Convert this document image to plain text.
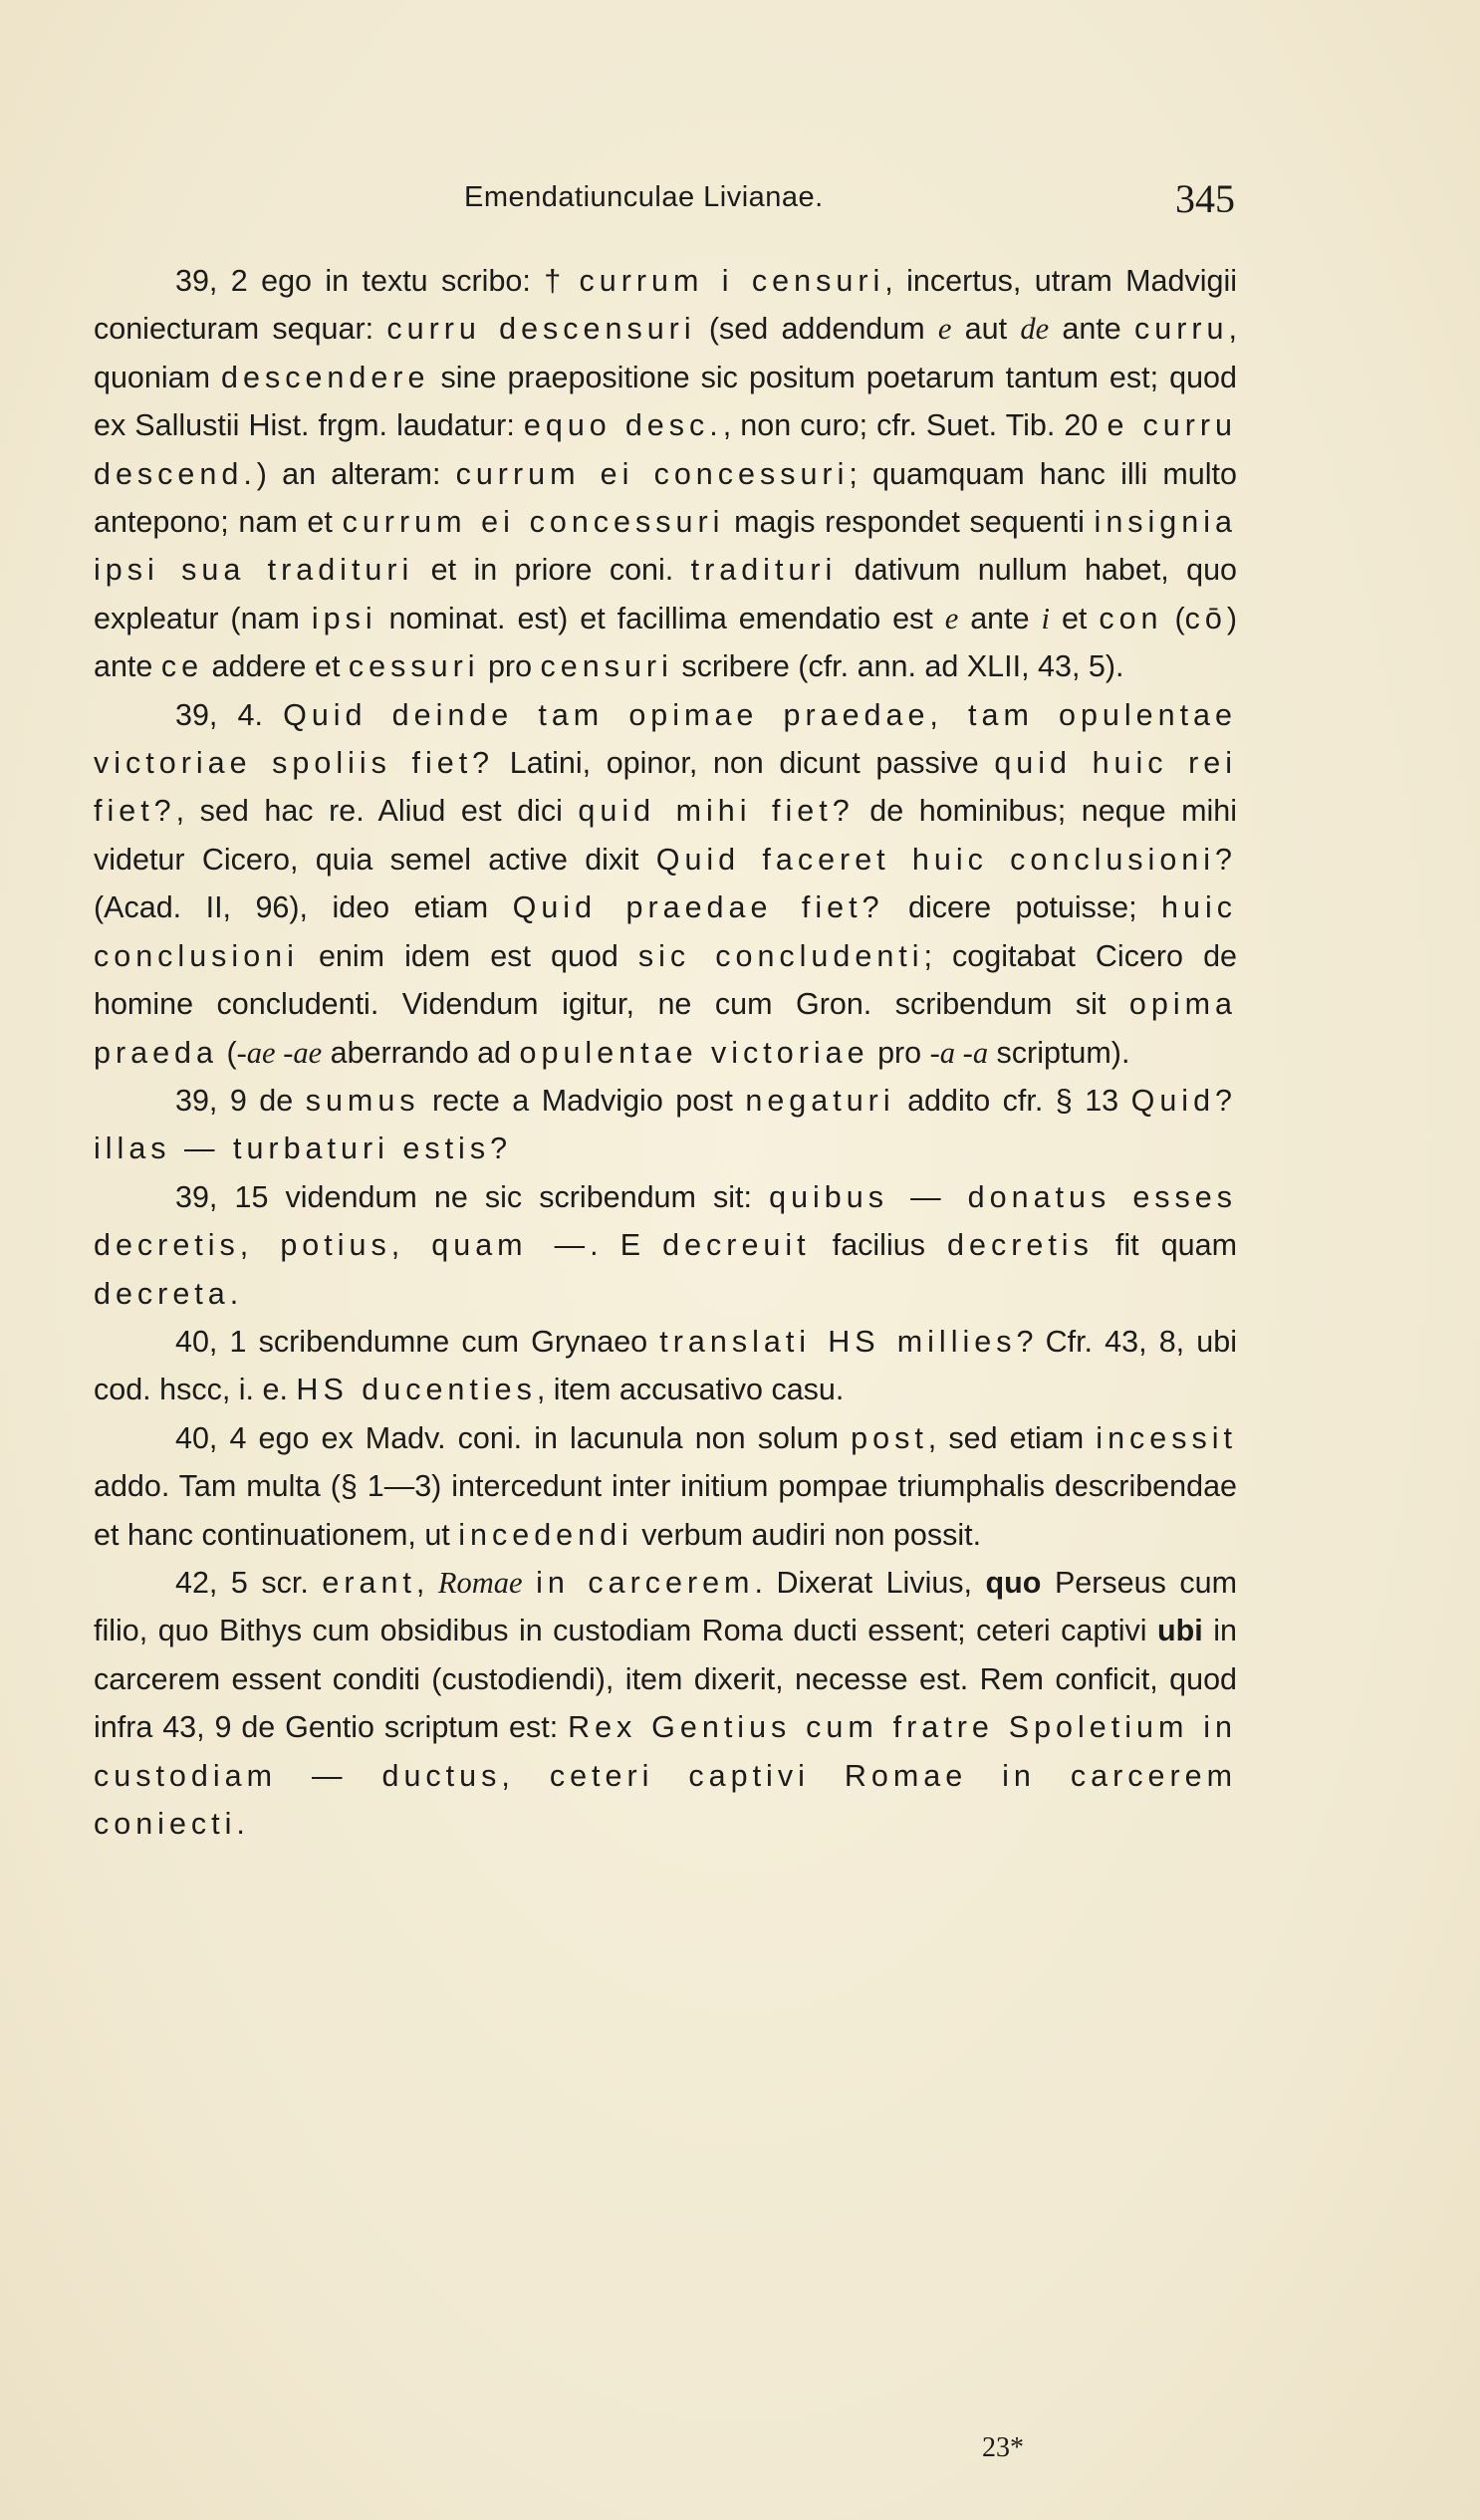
Emendatiunculae Livianae.	345

39, 2 ego in textu scribo: † currum i censuri, incertus, utram Madvigii coniecturam sequar: curru descensuri (sed addendum e aut de ante curru, quoniam descendere sine praepositione sic positum poetarum tantum est; quod ex Sallustii Hist. frgm. laudatur: equo desc., non curo; cfr. Suet. Tib. 20 e curru descend.) an alteram: currum ei concessuri; quamquam hanc illi multo antepono; nam et currum ei concessuri magis respondet sequenti insignia ipsi sua tradituri et in priore coni. tradituri dativum nullum habet, quo expleatur (nam ipsi nominat. est) et facillima emendatio est e ante i et con (cō) ante ce addere et cessuri pro censuri scribere (cfr. ann. ad XLII, 43, 5).

39, 4. Quid deinde tam opimae praedae, tam opulentae victoriae spoliis fiet? Latini, opinor, non dicunt passive quid huic rei fiet?, sed hac re. Aliud est dici quid mihi fiet? de hominibus; neque mihi videtur Cicero, quia semel active dixit Quid faceret huic conclusioni? (Acad. II, 96), ideo etiam Quid praedae fiet? dicere potuisse; huic conclusioni enim idem est quod sic concludenti; cogitabat Cicero de homine concludenti. Videndum igitur, ne cum Gron. scribendum sit opima praeda (-ae -ae aberrando ad opulentae victoriae pro -a -a scriptum).

39, 9 de sumus recte a Madvigio post negaturi addito cfr. § 13 Quid? illas — turbaturi estis?

39, 15 videndum ne sic scribendum sit: quibus — donatus esses decretis, potius, quam —. E decreuit facilius decretis fit quam decreta.

40, 1 scribendumne cum Grynaeo translati HS millies? Cfr. 43, 8, ubi cod. hscc, i. e. HS ducenties, item accusativo casu.

40, 4 ego ex Madv. coni. in lacunula non solum post, sed etiam incessit addo. Tam multa (§ 1—3) intercedunt inter initium pompae triumphalis describendae et hanc continuationem, ut incedendi verbum audiri non possit.

42, 5 scr. erant, Romae in carcerem. Dixerat Livius, quo Perseus cum filio, quo Bithys cum obsidibus in custodiam Roma ducti essent; ceteri captivi ubi in carcerem essent conditi (custodiendi), item dixerit, necesse est. Rem conficit, quod infra 43, 9 de Gentio scriptum est: Rex Gentius cum fratre Spoletium in custodiam — ductus, ceteri captivi Romae in carcerem coniecti.

23*
